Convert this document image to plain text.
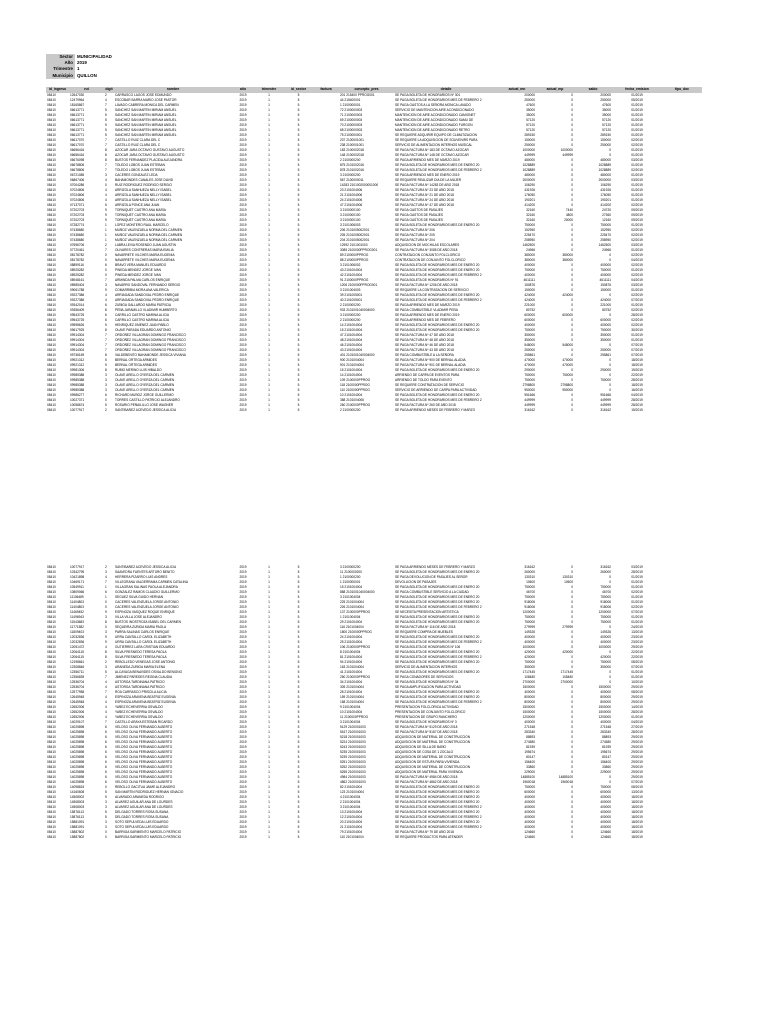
Sector MUNICIPALIDAD
Año 2019
Trimestre 1
Municipio QUILLON
id_ingreso	rut	digit	nombre	año	trimestre	id_sector	factura	concepto_pres	detalle	actual_mn	actual_mp	saldo	fecha_emision	tipo_doc
08410	12647030	2	CARRASCO LAGOS JOSE EDMUNDO	2019	1	5		201 215400 PPROG001	SE PAGA BOLETA DE HONORARIOS Nº 301	200000	0	200000	01/2019	
08410	12479964	4	ESCOBAR BARRA MARIO JOSE PASTOR	2019	1	5		44 215400001	SE PAGA BOLETA DE HONORARIOS MES DE FEBRERO 2	250000	0	250000	05/2019	
08410	18165867	7	LAVADO CABRERA MONICA DEL CARMEN	2019	1	5		1 2100000001	SE PAGA GASTOS A LA SEÑORA MONICA LAVADO	47600	0	47600	01/2019	
08410	06613771	5	SANCHEZ SAN MARTIN MIRIAM ANSUEL	2019	1	5		72 2100000003	SERVICIO DE MANTENCION AIRE ACONDICIONADO	35000	0	35000	01/2019	
08410	06613771	5	SANCHEZ SAN MARTIN MIRIAM ANSUEL	2019	1	5		71 2100000003	MANTENCION DE AIRE ACONDICIONADO CAMIONET	35000	0	35000	01/2019	
08410	06613771	5	SANCHEZ SAN MARTIN MIRIAM ANSUEL	2019	1	5		69 2100000003	MANTENCION DE AIRE ACONDICIONADO SAMU DE	57120	0	57120	01/2019	
08410	06613771	5	SANCHEZ SAN MARTIN MIRIAM ANSUEL	2019	1	5		70 2100000003	MANTENCION DE AIRE ACONDICIONADO FURGON	57120	0	57120	01/2019	
08410	06613771	5	SANCHEZ SAN MARTIN MIRIAM ANSUEL	2019	1	5		68 2100000003	MANTENCION DE AIRE ACONDICIONADO RETRO	57120	0	57120	01/2019	
08410	06613771	5	SANCHEZ SAN MARTIN MIRIAM ANSUEL	2019	1	5		75 2100000001	SE REQUIERE ADQUIRIR EQUIPO DE CLIMATIZACION	289150	0	289150	01/2019	
08410	06617070	7	CASTILLO RUIZ CLARA DEL C	2019	1	5		237 2100001001	SE REQUIERE LA ADQUISICION DE SOUVENIRS PARA	150000	0	150000	02/2019	
08410	06617070	7	CASTILLO RUIZ CLARA DEL C	2019	1	5		238 2100001001	SERVICIO DE ALIMENTACION INTERNOS MUSICAL	250000	0	250000	02/2019	
08410	06656416	8	AZOCAR JARA OCTAVIO GUSTAVO AUGUSTO	2019	1	5		183 2100002018	SE PAGA FACTURA Nº 183 DE OCTAVIO AZOCAR	1000000	1000000	0	01/2019	
08410	06656416	8	AZOCAR JARA OCTAVIO GUSTAVO AUGUSTO	2019	1	5		148 2100002018	SE PAGA FACTURA Nº 148 DE OCTAVIO AZOCAR	449999	449999	0	01/2019	
08410	06676098	8	BUSTOS FERNANDEZ PLACIDA ALEJANDRA	2019	1	5		2 2100000200	SE PAGA ARRIENDO MES DE MARZO 2019	480000	0	480000	03/2019	
08410	06678806	7	TOLEDO LOBOS JUAN ESTEBAN	2019	1	5		875 2101002016	SE PAGA BOLETA DE HONORARIOS MES DE ENERO 20	1028889	0	1028889	01/2019	
08410	06678806	7	TOLEDO LOBOS JUAN ESTEBAN	2019	1	5		878 2101002016	SE PAGA BOLETA DE HONORARIOS MES DE FEBRERO 2	1028889	0	1028889	02/2019	
08410	06721085	3	CACERES GONZALEZ LEDA	2019	1	5		3 2100000200	SE PAGA ARRIENDO MES DE ENERO 2019	480000	0	480000	01/2019	
08410	06867406	4	BAHAMONDES CANALES JOSE DAVID	2019	1	5		567 2100000011	SE REQUIERE REALIZAR DIA DE LA MUJER	2000000	0	2000000	03/2019	
08410	07004286	0	RUIZ RODRIGUEZ RODRIGO SERGIO	2019	1	5		14283 2101002000001000	SE PAGA FACTURA Nº 14283 DE AÑO 2018	106290	0	106290	01/2019	
08410	07024806	4	ARRIZOLA SANHUEZA NELLY ISABEL	2019	1	5		23 2101004006	SE PAGA FACTURA Nº 23 DE AÑO 2018	431926	0	431926	01/2019	
08410	07024806	4	ARRIZOLA SANHUEZA NELLY ISABEL	2019	1	5		21 2101004006	SE PAGA FACTURA Nº 21 DE AÑO 2018	176050	0	176050	01/2019	
08410	07024806	4	ARRIZOLA SANHUEZA NELLY ISABEL	2019	1	5		24 2101004006	SE PAGA FACTURA Nº 24 DE AÑO 2018	190201	0	190201	01/2019	
08410	07137071	6	ARRIZOLA PONCE ANA JUAN	2019	1	5		47 2101004006	SE PAGA FACTURA Nº 47 DE AÑO 2018	414200	0	414200	02/2019	
08410	07202703	9	TORNIQUET CASTRO ANA MARIA	2019	1	5		3 2100000100	SE PAGA GASTOS DE PASAJES	32160	7440	24720	09/2019	
08410	07202703	9	TORNIQUET CASTRO ANA MARIA	2019	1	5		3 2100000100	SE PAGA GASTOS DE PASAJES	32160	4800	27360	09/2019	
08410	07202703	9	TORNIQUET CASTRO ANA MARIA	2019	1	5		3 2100000100	SE PAGA GASTOS DE PASAJES	32160	20000	12160	09/2019	
08410	07282774	1	LOPEZ MONTERO RAUL MARCELO	2019	1	5		3 2101006003	SE PAGA BOLETA DE HONORARIOS MES DE ENERO 20	750000	0	750000	01/2019	
08410	07438680	1	MUÑOZ VALENZUELA NORMA DEL CARMEN	2019	1	5		206 2101005002001	SE PAGA FACTURA Nº 206	152950	0	152950	02/2019	
08410	07438680	1	MUÑOZ VALENZUELA NORMA DEL CARMEN	2019	1	5		205 2101005002001	SE PAGA FACTURA Nº 205	225470	0	225470	02/2019	
08410	07438680	1	MUÑOZ VALENZUELA NORMA DEL CARMEN	2019	1	5		204 2101005002001	SE PAGA FACTURA Nº 204	258950	0	258950	02/2019	
08410	07696706	2	LABRA LEIVA ROSENDO JUAN AGUSTIN	2019	1	5		12992 2101001003	ADQUISICION DE MOCHILAS ESCOLARES	1462500	0	1462500	03/2019	
08410	07720461	7	OLIVARES CONTRERAS MARIA EMILIA	2019	1	5		3085 2100000PPROG001	SE PAGA FACTURA Nº 3085 DE AÑO 2018	24966	0	24966	01/2019	
08410	08178782	0	NAVARRETE VILCHES MARIA EUGENIA	2019	1	5		89 2100000PPROG	CONTRATACION CONJUNTO FOLCLORICO	380000	380000	0	02/2019	
08410	08178782	0	NAVARRETE VILCHES MARIA EUGENIA	2019	1	5		88 2100000PPROG	CONTRATACION DE CONJUNTO FOLCLORICO	380000	380000	0	04/2019	
08410	08899116	6	BRAVO VERA MANUEL EDUARDO	2019	1	5		3 2101006002	SE PAGA BOLETA DE HONORARIOS MES DE ENERO 20	400000	0	400000	02/2019	
08410	08925282	0	PINEDA MENDEZ JORGE IVAN	2019	1	5		43 2101004004	SE PAGA BOLETA DE HONORARIOS MES DE ENERO 20	750000	0	750000	01/2019	
08410	08925282	0	PINEDA MENDEZ JORGE IVAN	2019	1	5		42 2101004004	SE PAGA BOLETA DE HONORARIOS MES DE FEBRERO 2	400000	0	400000	02/2019	
08410	08948161	7	ARMINDA PALMA CARLOS ENRIQUE	2019	1	5		91 2100000PPROG	SE PAGA BOLETA DE HONORARIOS Nº 91	4611111	0	4611111	04/2019	
08410	08985404	3	NAVARRO SANDOVAL FERNANDO SERGIO	2019	1	5		1206 2100000PPROG001	SE PAGA FACTURA Nº 1206 DE AÑO 2018	150876	0	150876	03/2019	
08410	09061788	9	COMARRIBIA MORA ANA VALERICA	2019	1	5		3 2101004003	SE REQUIERE LA CONTRATACION DE SERVICIO	150000	0	150000	01/2019	
08410	09227386	4	ARRIAGADA SANDOVAL PEDRO ENRIQUE	2019	1	5		39 2101005001	SE PAGA BOLETA DE HONORARIOS MES DE ENERO 20	424000	424000	0	02/2019	
08410	09227386	4	ARRIAGADA SANDOVAL PEDRO ENRIQUE	2019	1	5		40 2101005001	SE PAGA BOLETA DE HONORARIOS MES DE FEBRERO 2	424000	0	424000	07/2019	
08410	09342014	6	ZUÑIGA GALLARDO MARIA PATRICIA	2019	1	5		2 2100000200	SE PAGA ARRIENDO MES DE MARZO 2019	221000	0	221000	01/2019	
08410	09356409	8	PEÑA JARAMILLO VLADIMIR HUMBERTO	2019	1	5		933 2101001040004000	SE PAGA COMBUSTIBLE VLADIMIR PEÑA	80752	0	80752	02/2019	
08410	09543725	6	CARRILLO CASTRO MARINA ALICIA	2019	1	5		3 2100000200	SE PAGA ARRIENDO MES DE ENERO 2019	600000	600000	0	28/2019	
08410	09543725	6	CARRILLO CASTRO MARINA ALICIA	2019	1	5		2 2100000200	SE PAGA ARRIENDO MES DE FEBRERO	600000	0	600000	02/2019	
08410	09598626	5	HENRIQUEZ JIMENEZ JUAN PABLO	2019	1	5		14 2101004004	SE PAGA BOLETA DE HONORARIOS MES DE ENERO 20	400000	0	400000	02/2019	
08410	09617925	8	OLAVE PARADA EDUARDO ANTONIO	2019	1	5		15 2101004004	SE PAGA BOLETA DE HONORARIOS MES DE ENERO 20	750000	0	750000	30/2019	
08410	09914304	7	ORDOÑEZ VILLAGRAN DOMINGO FRANCISCO	2019	1	5		47 2101004004	SE PAGA FACTURA Nº 47 DE AÑO 2018	350000	0	350000	01/2019	
08410	09914304	7	ORDOÑEZ VILLAGRAN DOMINGO FRANCISCO	2019	1	5		48 2101004004	SE PAGA FACTURA Nº 48 DE AÑO 2018	350000	0	350000	01/2019	
08410	09914304	7	ORDOÑEZ VILLAGRAN DOMINGO FRANCISCO	2019	1	5		46 2101004004	SE PAGA FACTURA Nº 46 DE AÑO 2018	548000	548000	0	07/2019	
08410	09914304	7	ORDOÑEZ VILLAGRAN DOMINGO FRANCISCO	2019	1	5		43 2101004004	SE PAGA FACTURA Nº 43 DE AÑO 2018	250000	0	250000	07/2019	
08410	09736169	8	VALDEBENITO BAHAMONDE JESSICA VIVIANA	2019	1	5		401 2101001040004000	SE PAGA COMBUSTIBLE A LA SEÑORA	255861	0	255861	07/2019	
08410	09921312	5	BERNAL ORTEGA ARMIDES	2019	1	5		900 2101004004	SE PAGA FACTURA Nº 900 DE BERNAL ALADIA	470000	470000	0	18/2019	
08410	09921312	5	BERNAL ORTEGA ARMIDES	2019	1	5		901 2101004004	SE PAGA FACTURA Nº 901 DE BERNAL ALADIA	470000	470000	0	18/2019	
08410	09981306	8	RUBIO MERINO LUIS HIBALDO	2019	1	5		15 2101004004	SE PAGA BOLETA DE HONORARIOS MES DE ENERO 20	290000	0	290000	19/2019	
08410	09985388	3	OLAVE ARELLO OYERZA DEL CARMEN	2019	1	5		14 2101004004	ARRIENDO DE CARPA DE EVENTOS PARA	750000	750000	0	22/2019	
08410	09985388	3	OLAVE ARELLO OYERZA DEL CARMEN	2019	1	5		109 2100000PPROG	ARRIENDO DE TOLDO PARA EVENTO	750000	0	750000	28/2019	
08410	09985388	3	OLAVE ARELLO OYERZA DEL CARMEN	2019	1	5		118 2100000PPROG	SE REQUIERE CONTRATACION DE SERVICIO	2798800	2798800	0	18/2019	
08410	09985388	3	OLAVE ARELLO OYERZA DEL CARMEN	2019	1	5		110 2100000PPROG	SERVICIO DE ARRIENDO DE CARPA PARA ACTIVIDAD	950000	950000	0	16/2019	
08410	09986277	6	RICHARD MUÑOZ JORGE GUILLERMO	2019	1	5		10 2101004004	SE PAGA BOLETA DE HONORARIOS MES DE ENERO 20	951666	0	951666	04/2019	
08410	10027371	0	TORRES CASTILLO PATRICIO ALEJANDRO	2019	1	5		388 2101004006	SE PAGA BOLETA DE HONORARIOS MES DE FEBRERO 2	449999	0	449999	28/2019	
08410	10058674	5	ROSARIO PEÑAILILLO JOSE WAGNER	2019	1	5		260 2100000PPROG	SE PAGA FACTURA Nº 260 DE AÑO 2018	449999	0	449999	28/2019	
08410	10077917	2	SANTIBAÑEZ ACEVEDO JESSICA ALICIA	2019	1	5		2 2100000200	SE PAGA ARRIENDO MESES DE FEBRERO Y MARZO	316162	0	316162	15/2019	
08410	10077917	2	SANTIBAÑEZ ACEVEDO JESSICA ALICIA	2019	1	5		3 2100000200	SE PAGA ARRIENDO MESES DE FEBRERO Y MARZO	316162	0	316162	03/2019	
08410	10342795	3	SAAVEDRA FUENTES ARTURO BENITO	2019	1	5		11 2100000200	SE PAGA BOLETA DE HONORARIOS MES DE ENERO 20	260000	0	260000	28/2019	
08410	10421898	4	HERRERA PIZARRO LUIS ANDRES	2019	1	5		1 2100000200	SE PAGA DEVOLUCION DE PASAJES AL SEÑOR	130310	130310	0	01/2019	
08410	10469171	7	VILLEGRANA VALDERRAMA CARMEN CATALINA	2019	1	5		1 2100000001	DEVOLUCION DE PASAJES	10600	10600	0	01/2019	
08410	10549911	1	VILLAGRAN SALINAS PAOLA ALEJANDRA	2019	1	5		15 2101004004	SE PAGA BOLETA DE HONORARIOS MES DE ENERO 20	750000	0	750000	01/2019	
08410	10809066	6	GONZALEZ RAMOS CLAUDIO GUILLERMO	2019	1	5		888 2101001040004000	SE PAGA COMBUSTIBLE SERVICIO A LA CIUDAD	46700	0	46700	02/2019	
08410	11106489	1	SEGUEZ SILVA GUIDO HERNAN	2019	1	5		3 2101004004	SE PAGA BOLETA DE HONORARIOS MES DE ENERO 20	750000	0	750000	01/2019	
08410	11404803	0	CACERES VALENZUELA JORGE ANTONIO	2019	1	5		225 2101004004	SE PAGA BOLETA DE HONORARIOS MES DE ENERO 20	918006	0	918006	01/2019	
08410	11404803	0	CACERES VALENZUELA JORGE ANTONIO	2019	1	5		226 2101004004	SE PAGA BOLETA DE HONORARIOS MES DE FEBRERO 2	918006	0	918006	02/2019	
08410	11469452	9	ESPINOZA VASQUEZ ROQUE ENRIQUE	2019	1	5		137 2100000PPROG	SE NECESITA PRESENTACION ARTISTICA	1200000	0	1200000	07/2019	
08410	11496943	3	VILLA VILLA JOSE ALEJANDRO	2019	1	5		1 2101004004	SE PAGA BOLETA DE HONORARIOS MES DE ENERO 20	750000	0	750000	01/2019	
08410	11543683	8	BUSTOS INOSTROZA ISABEL DEL CARMEN	2019	1	5		29 2101004004	SE PAGA BOLETA DE HONORARIOS MES DE ENERO 20	750000	0	750000	01/2019	
08410	11771582	0	SEQUEIRA ZUÑIGA MARIA PAOLA	2019	1	5		116 2101004004	SE PAGA FACTURA Nº 116 DE AÑO 2018	279999	279999	0	24/2019	
08410	11809403	3	PARRA SALINAS CARLOS ENRIQUE	2019	1	5		1800 2100000PPROG	SE REQUIERE COMPRA DE MUEBLES	149326	0	149326	13/2019	
08410	12032836	9	URRA CANTALLO CAROL ELIZABETH	2019	1	5		24 2101004004	SE PAGA BOLETA DE HONORARIOS MES DE ENERO 20	400000	0	400000	23/2019	
08410	12032836	9	URRA CANTALLO CAROL ELIZABETH	2019	1	5		25 2101004004	SE PAGA BOLETA DE HONORARIOS MES DE FEBRERO 2	400000	0	400000	23/2019	
08410	12051472	4	GUTIERREZ LARA CRISTIAN EDUARDO	2019	1	5		106 2100000PPROG	SE PAGA BOLETA DE HONORARIOS Nº 106	1000000	0	1000000	29/2019	
08410	12064115	8	SILVA FRESNEDO TERESA PAOLA	2019	1	5		8 2101004004	SE PAGA BOLETA DE HONORARIOS MES DE ENERO 20	420000	420000	0	22/2019	
08410	12064115	8	SILVA FRESNEDO TERESA PAOLA	2019	1	5		81 2101004004	SE PAGA BOLETA DE HONORARIOS MES DE FEBRERO 2	420000	0	420000	22/2019	
08410	12198661	2	REBOLLEDO VENEGAS JOSE ANTONIO	2019	1	5		94 2101004004	SE PAGA BOLETA DE HONORARIOS MES DE ENERO 20	750000	0	750000	08/2019	
08410	12308846	3	ARANEDA ZUÑIGA MARIA ELENA	2019	1	5		163 2101004004	SERVICIO DE ALIMENTACION INTERNOS	350000	0	350000	07/2019	
08410	12356711	5	ALCAYAGA BENAVIDES OSVALDO BENIGNO	2019	1	5		41 2101004004	SE PAGA BOLETA DE HONORARIOS MES DE ENERO 20	1717445	1717445	0	01/2019	
08410	12356839	7	JIMENEZ PAREDES REGINA CLAUDIA	2019	1	5		250 2100000PPROG	SE PAGA CONADORES DE SERVICIOS	108480	108480	0	01/2019	
08410	12536704	4	ASTORGA TARDINANA PATRICIO	2019	1	5		34 2101004004	SE PAGA BOLETA DE HONORARIOS Nº 34	2700000	2700000	0	10/2019	
08410	12536704	4	ASTORGA TARDINANA PATRICIO	2019	1	5		305 2101004004	SE PAGA AMPLIFICACION PARA ACTIVIDAD	1500000	0	1500000	29/2019	
08410	12577958	7	ROA CARRASCO PRISCILA ALICIA	2019	1	5		28 2101004004	SE PAGA BOLETA DE HONORARIOS MES DE ENERO 20	400000	0	400000	08/2019	
08410	12645948	4	ESPINOZA ARAVENA BEATRIZ EUGENIA	2019	1	5		159 2101004004	SE PAGA BOLETA DE HONORARIOS MES DE ENERO 20	800000	0	800000	29/2019	
08410	12645948	4	ESPINOZA ARAVENA BEATRIZ EUGENIA	2019	1	5		158 2101004004	SE PAGA BOLETA DE HONORARIOS MES DE FEBRERO 2	800000	0	800000	29/2019	
08410	12652006	4	YAÑEZ ECHEVERRIA OSVALDO	2019	1	5		9 2101004004	PRESENTACION FOLCLORICA ACTIVIDAD	1500000	0	1500000	14/2019	
08410	12652006	4	YAÑEZ ECHEVERRIA OSVALDO	2019	1	5		10 2101004004	PRESENTACION DE CONJUNTO FOLCLORICO	1500000	0	1500000	28/2019	
08410	12652006	4	YAÑEZ ECHEVERRIA OSVALDO	2019	1	5		11 2100000PPROG	PRESENTACION DE GRUPO RANCHERO	1200000	0	1200000	01/2019	
08410	14029107	7	CASTILLO ARAYA ESTEBAN RICARDO	2019	1	5		3 2101004004	SE PAGA BOLETA DE HONORARIOS Nº 3	400000	0	400000	04/2019	
08410	14025898	6	VELOSO OLIVA FERNANDO ALBERTO	2019	1	5		5129 2100001003	SE PAGA FACTURA Nº 5129 DE AÑO 2018	271548	0	271548	27/2019	
08410	14025898	6	VELOSO OLIVA FERNANDO ALBERTO	2019	1	5		5167 2100001003	SE PAGA FACTURA Nº 5167 DE AÑO 2018	283340	0	283340	28/2019	
08410	14025898	6	VELOSO OLIVA FERNANDO ALBERTO	2019	1	5		5218 2100001003	ADQUISICION DE MATERIAL DE CONSTRUCCION	88893	0	88893	29/2019	
08410	14025898	6	VELOSO OLIVA FERNANDO ALBERTO	2019	1	5		5224 2100001003	ADQUISICION DE MATERIAL DE CONSTRUCCION	274580	0	274580	29/2019	
08410	14025898	6	VELOSO OLIVA FERNANDO ALBERTO	2019	1	5		5243 2100001003	ADQUISICION DE SILLA DE BAÑO	81939	0	81939	29/2019	
08410	14025898	6	VELOSO OLIVA FERNANDO ALBERTO	2019	1	5		5235 2100001003	ADQUISICION DE COSA DE 1 ZOCALO	195674	0	195674	29/2019	
08410	14025898	6	VELOSO OLIVA FERNANDO ALBERTO	2019	1	5		5239 2100001003	ADQUISICION DE MATERIAL DE CONSTRUCCION	80147	0	80147	29/2019	
08410	14025898	6	VELOSO OLIVA FERNANDO ALBERTO	2019	1	5		5251 2100001003	ADQUISICION DE ESTUFA PARA VIVIENDA	156400	0	156400	29/2019	
08410	14025898	6	VELOSO OLIVA FERNANDO ALBERTO	2019	1	5		5252 2100001003	ADQUISICION DE MATERIAL DE CONSTRUCCION	33860	0	33860	29/2019	
08410	14025898	6	VELOSO OLIVA FERNANDO ALBERTO	2019	1	5		5255 2100001003	ADQUISICION DE MATERIAL PARA VIVIENDA	229000	0	229000	29/2019	
08410	14025898	6	VELOSO OLIVA FERNANDO ALBERTO	2019	1	5		4984 2100001003	SE PAGA FACTURA Nº 4984 DE AÑO 2018	14885100	14885100	0	29/2019	
08410	14025898	6	VELOSO OLIVA FERNANDO ALBERTO	2019	1	5		4862 2100001003	SE PAGA FACTURA Nº 4862 DE AÑO 2018	1960018	1960018	0	07/2019	
08410	14098815	0	REBOLLO GACITUA JAIME ALEJANDRO	2019	1	5		82 2101004004	SE PAGA BOLETA DE HONORARIOS MES DE ENERO 20	750000	0	750000	08/2019	
08410	14160608	5	SAN MARTIN RODRIGUEZ HERNAN IGNACIO	2019	1	5		123 2101004004	SE PAGA BOLETA DE HONORARIOS MES DE ENERO 20	600000	0	600000	13/2019	
08410	14508002	5	ALVARADO ARANEDA RODRIGO	2019	1	5		4 2101004004	SE PAGA BOLETA DE HONORARIOS MES DE ENERO 20	400000	0	400000	18/2019	
08410	14508003	3	ALVAREZ AGUILAR ANA DE LOURDES	2019	1	5		2 2101004004	SE PAGA BOLETA DE HONORARIOS MES DE ENERO 20	400000	0	400000	18/2019	
08410	14508003	3	ALVAREZ AGUILAR ANA DE LOURDES	2019	1	5		3 2101004004	SE PAGA BOLETA DE HONORARIOS MES DE FEBRERO 2	400000	0	400000	18/2019	
08410	15876113	5	DELGADO TORRES ROSA SUSANA	2019	1	5		13 2101004004	SE PAGA BOLETA DE HONORARIOS MES DE ENERO 20	400000	0	400000	18/2019	
08410	15876113	5	DELGADO TORRES ROSA SUSANA	2019	1	5		12 2101004004	SE PAGA BOLETA DE HONORARIOS MES DE FEBRERO 2	400000	0	400000	18/2019	
08410	15881091	3	SOTO SEPULVEDA LUIS EDUARDO	2019	1	5		20 2101004004	SE PAGA BOLETA DE HONORARIOS MES DE ENERO 20	400000	0	400000	18/2019	
08410	15881091	3	SOTO SEPULVEDA LUIS EDUARDO	2019	1	5		21 2101004004	SE PAGA BOLETA DE HONORARIOS MES DE FEBRERO 2	400000	0	400000	18/2019	
08410	15887802	0	BARRIGA SARMIENTO MARCELO PATRICIO	2019	1	5		79 2101004004	SE PAGA FACTURA Nº 79 DE AÑO 2018	124660	0	124660	18/2019	
08410	15887802	0	BARRIGA SARMIENTO MARCELO PATRICIO	2019	1	5		110 2101004004	SE REQUIERE PRODUCTOS PARA ATENDER	124660	0	124660	18/2019	
